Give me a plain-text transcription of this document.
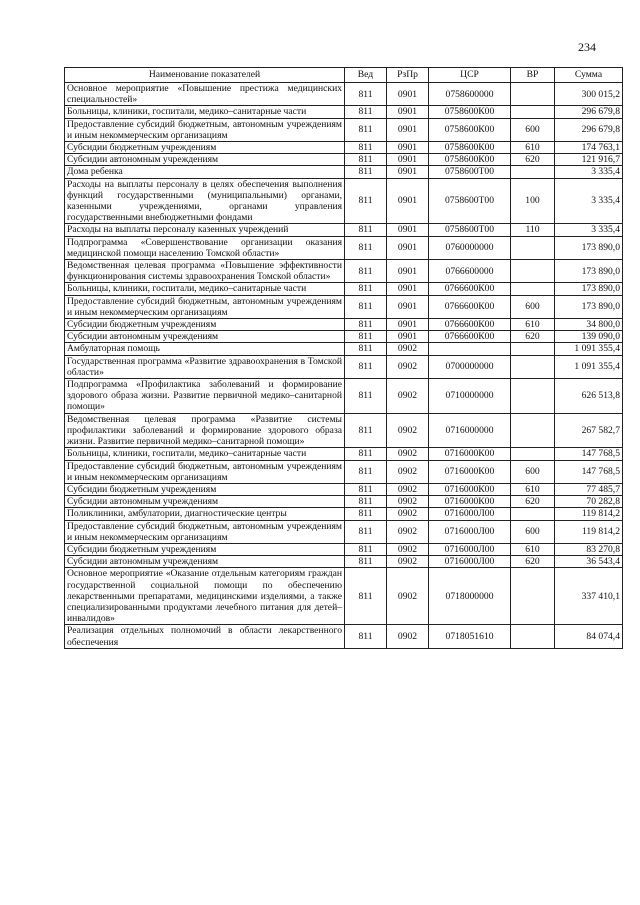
234
Наименование показателей	Вед	РзПр	ЦСР	ВР	Сумма
Основное мероприятие «Повышение престижа медицинских специальностей»	811	0901	0758600000		300 015,2
Больницы, клиники, госпитали, медико–санитарные части	811	0901	0758600К00		296 679,8
Предоставление субсидий бюджетным, автономным учреждениям и иным некоммерческим организациям	811	0901	0758600К00	600	296 679,8
Субсидии бюджетным учреждениям	811	0901	0758600К00	610	174 763,1
Субсидии автономным учреждениям	811	0901	0758600К00	620	121 916,7
Дома ребенка	811	0901	0758600Т00		3 335,4
Расходы на выплаты персоналу в целях обеспечения выполнения функций государственными (муниципальными) органами, казенными учреждениями, органами управления государственными внебюджетными фондами	811	0901	0758600Т00	100	3 335,4
Расходы на выплаты персоналу казенных учреждений	811	0901	0758600Т00	110	3 335,4
Подпрограмма «Совершенствование организации оказания медицинской помощи населению Томской области»	811	0901	0760000000		173 890,0
Ведомственная целевая программа «Повышение эффективности функционирования системы здравоохранения Томской области»	811	0901	0766600000		173 890,0
Больницы, клиники, госпитали, медико–санитарные части	811	0901	0766600К00		173 890,0
Предоставление субсидий бюджетным, автономным учреждениям и иным некоммерческим организациям	811	0901	0766600К00	600	173 890,0
Субсидии бюджетным учреждениям	811	0901	0766600К00	610	34 800,0
Субсидии автономным учреждениям	811	0901	0766600К00	620	139 090,0
Амбулаторная помощь	811	0902			1 091 355,4
Государственная программа «Развитие здравоохранения в Томской области»	811	0902	0700000000		1 091 355,4
Подпрограмма «Профилактика заболеваний и формирование здорового образа жизни. Развитие первичной медико–санитарной помощи»	811	0902	0710000000		626 513,8
Ведомственная целевая программа «Развитие системы профилактики заболеваний и формирование здорового образа жизни. Развитие первичной медико–санитарной помощи»	811	0902	0716000000		267 582,7
Больницы, клиники, госпитали, медико–санитарные части	811	0902	0716000К00		147 768,5
Предоставление субсидий бюджетным, автономным учреждениям и иным некоммерческим организациям	811	0902	0716000К00	600	147 768,5
Субсидии бюджетным учреждениям	811	0902	0716000К00	610	77 485,7
Субсидии автономным учреждениям	811	0902	0716000К00	620	70 282,8
Поликлиники, амбулатории, диагностические центры	811	0902	0716000Л00		119 814,2
Предоставление субсидий бюджетным, автономным учреждениям и иным некоммерческим организациям	811	0902	0716000Л00	600	119 814,2
Субсидии бюджетным учреждениям	811	0902	0716000Л00	610	83 270,8
Субсидии автономным учреждениям	811	0902	0716000Л00	620	36 543,4
Основное мероприятие «Оказание отдельным категориям граждан государственной социальной помощи по обеспечению лекарственными препаратами, медицинскими изделиями, а также специализированными продуктами лечебного питания для детей–инвалидов»	811	0902	0718000000		337 410,1
Реализация отдельных полномочий в области лекарственного обеспечения	811	0902	0718051610		84 074,4
